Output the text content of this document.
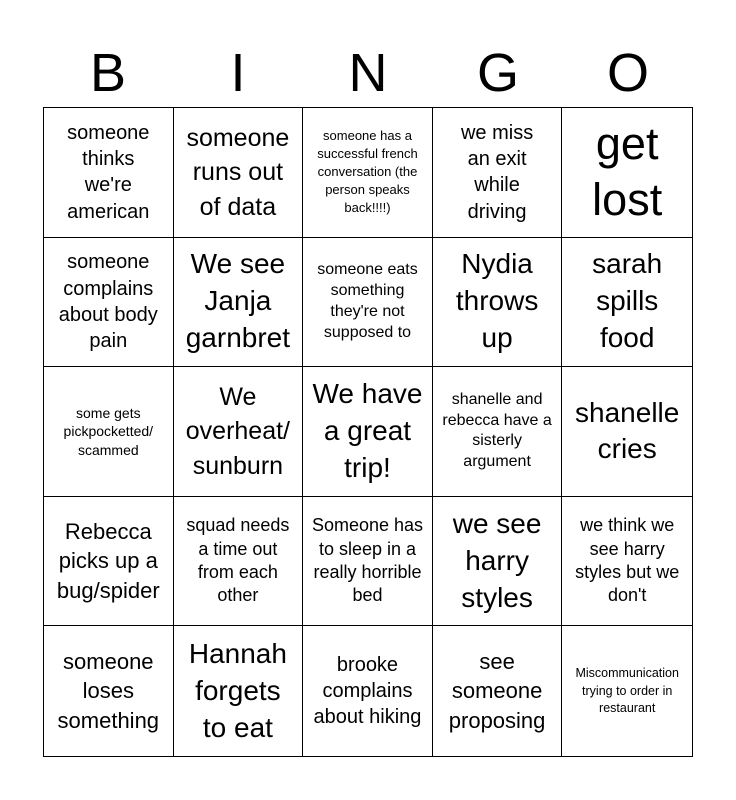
B	I	N	G	O
someone thinks we're american
someone runs out of data
someone has a successful french conversation (the person speaks back!!!!)
we miss an exit while driving
get lost
someone complains about body pain
We see Janja garnbret
someone eats something they're not supposed to
Nydia throws up
sarah spills food
some gets pickpocketted/ scammed
We overheat/ sunburn
We have a great trip!
shanelle and rebecca have a sisterly argument
shanelle cries
Rebecca picks up a bug/spider
squad needs a time out from each other
Someone has to sleep in a really horrible bed
we see harry styles
we think we see harry styles but we don't
someone loses something
Hannah forgets to eat
brooke complains about hiking
see someone proposing
Miscommunication trying to order in restaurant
